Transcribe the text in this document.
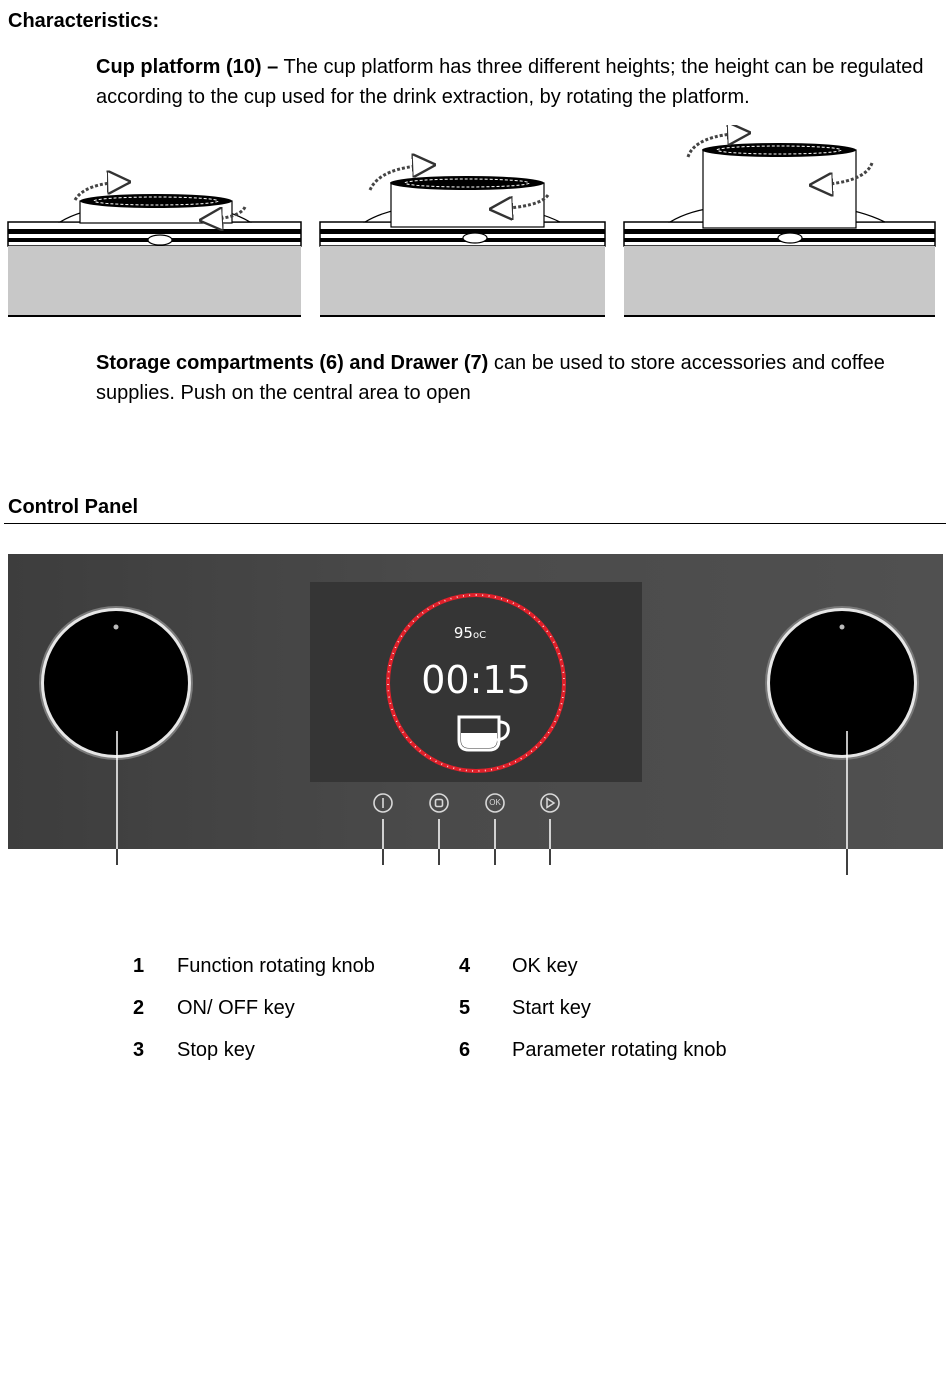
Characteristics:
Cup platform (10) – The cup platform has three different heights; the height can be regulated according to the cup used for the drink extraction, by rotating the platform.
Storage compartments (6) and Drawer (7) can be used to store accessories and coffee supplies. Push on the central area to open
Control Panel
95oC
00:15
OK
1 Function rotating knob
2 ON/ OFF key
3 Stop key
4 OK key
5 Start key
6 Parameter rotating knob
